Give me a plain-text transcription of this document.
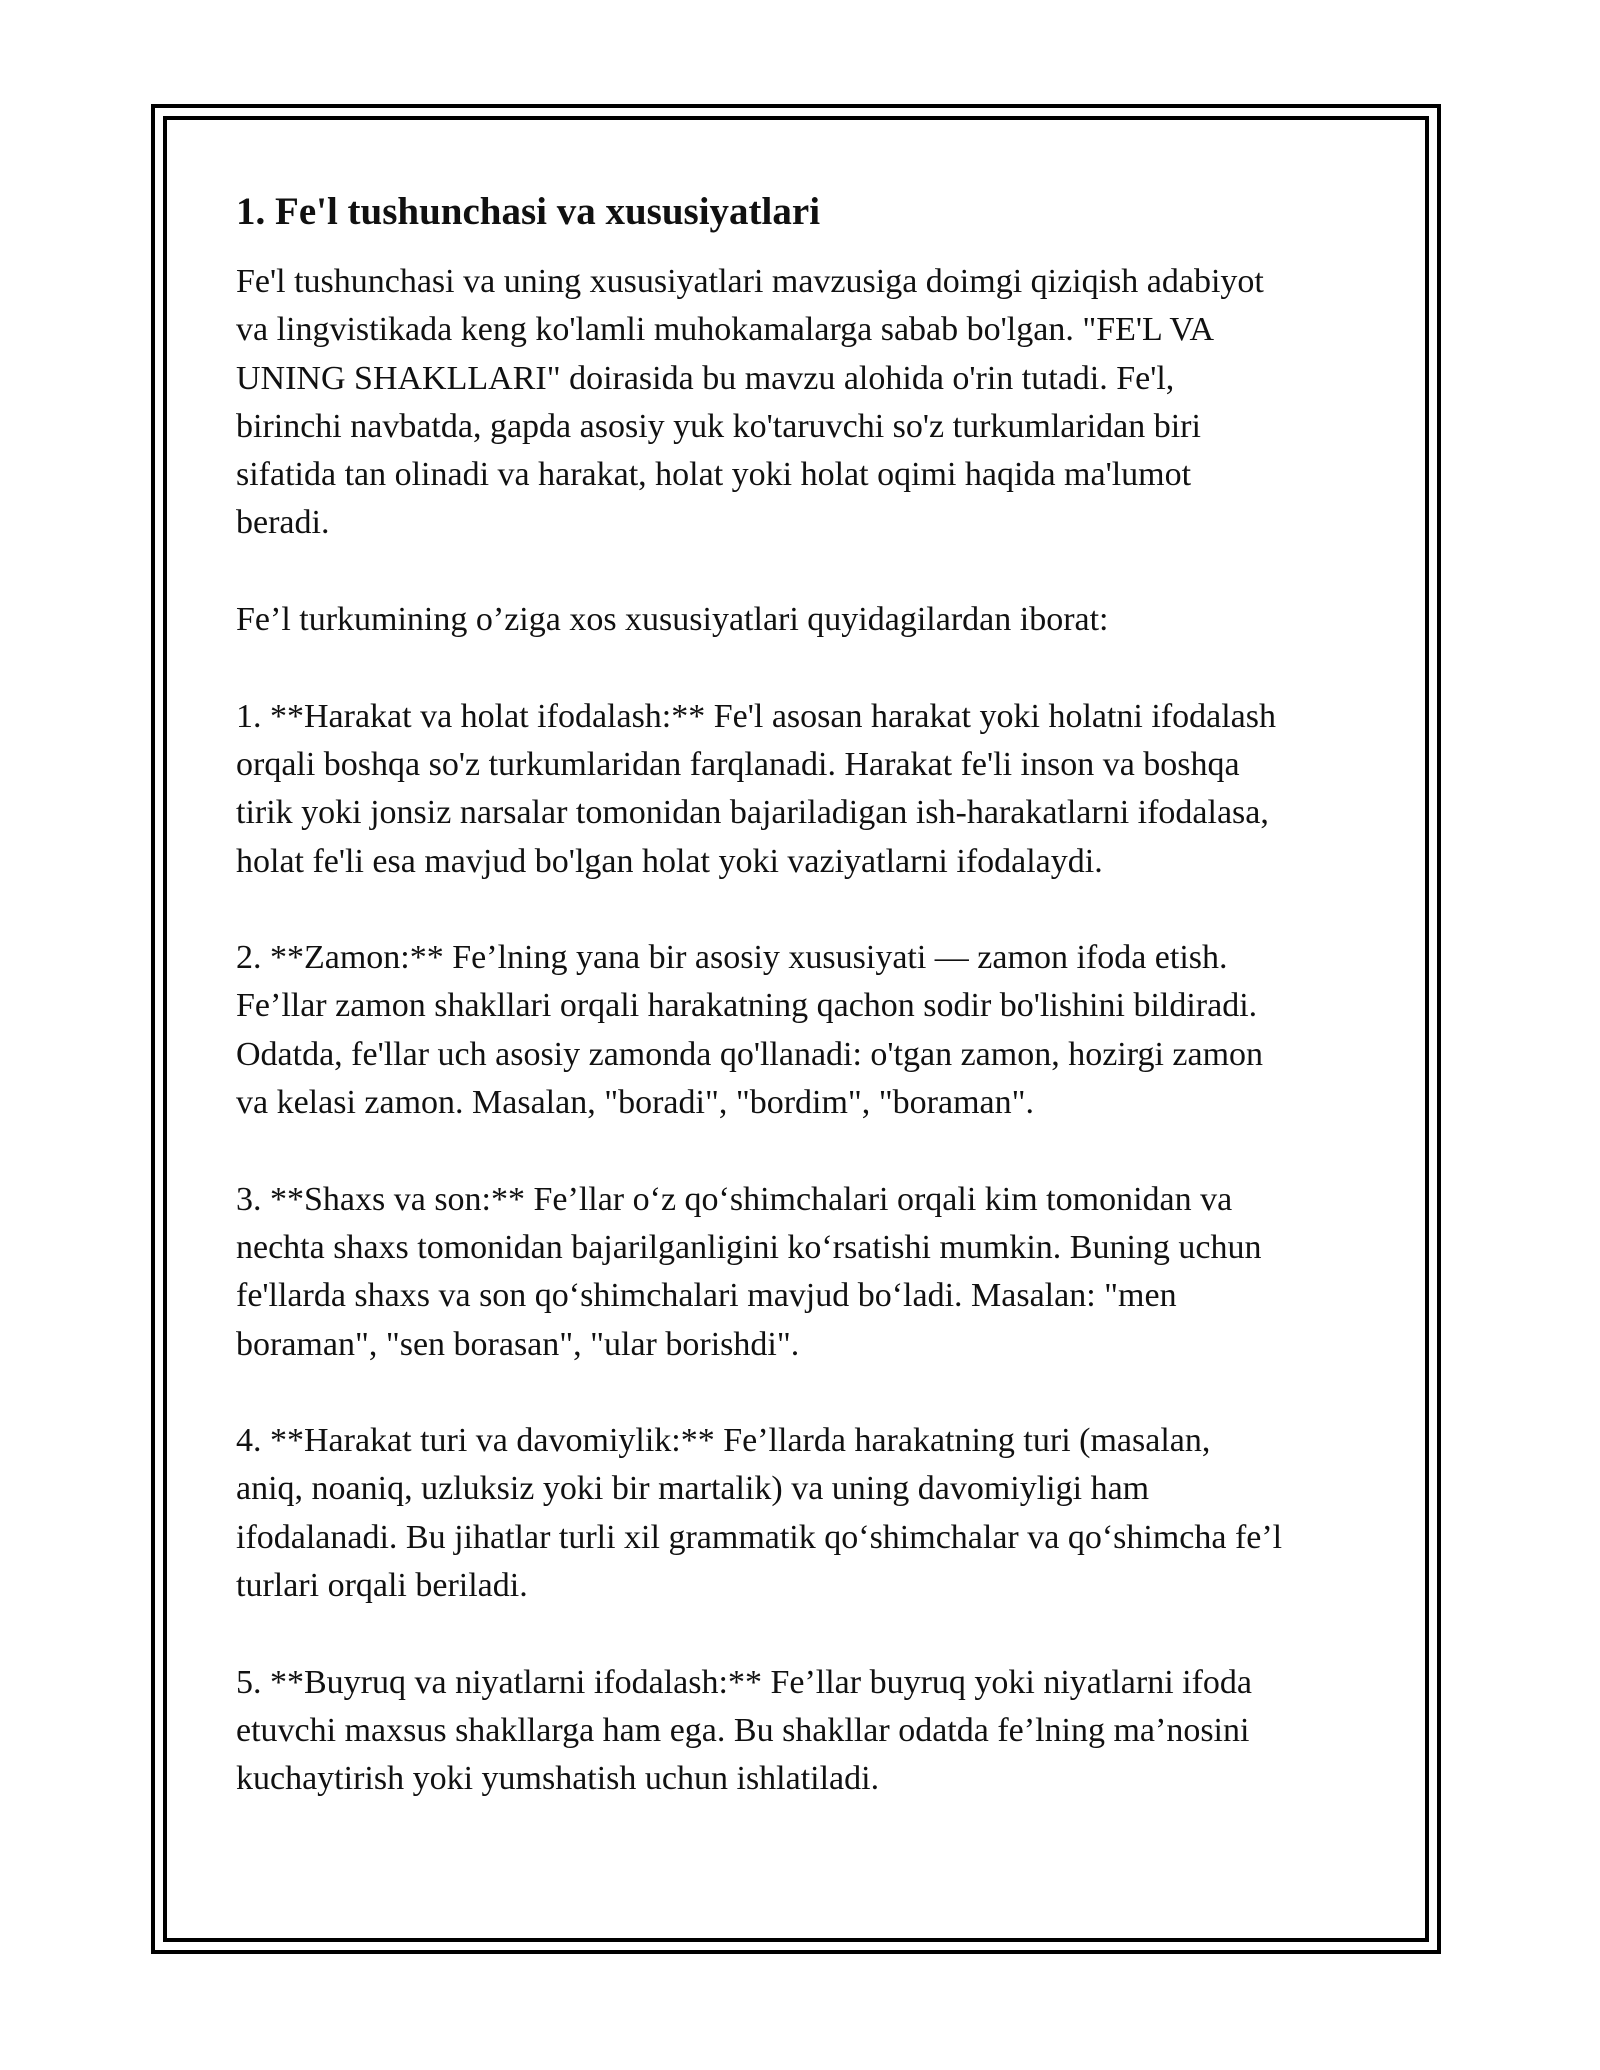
1. Fe'l tushunchasi va xususiyatlari

Fe'l tushunchasi va uning xususiyatlari mavzusiga doimgi qiziqish adabiyot
va lingvistikada keng ko'lamli muhokamalarga sabab bo'lgan. "FE'L VA
UNING SHAKLLARI" doirasida bu mavzu alohida o'rin tutadi. Fe'l,
birinchi navbatda, gapda asosiy yuk ko'taruvchi so'z turkumlaridan biri
sifatida tan olinadi va harakat, holat yoki holat oqimi haqida ma'lumot
beradi.

Fe’l turkumining o’ziga xos xususiyatlari quyidagilardan iborat:

1. **Harakat va holat ifodalash:** Fe'l asosan harakat yoki holatni ifodalash
orqali boshqa so'z turkumlaridan farqlanadi. Harakat fe'li inson va boshqa
tirik yoki jonsiz narsalar tomonidan bajariladigan ish-harakatlarni ifodalasa,
holat fe'li esa mavjud bo'lgan holat yoki vaziyatlarni ifodalaydi.

2. **Zamon:** Fe’lning yana bir asosiy xususiyati — zamon ifoda etish.
Fe’llar zamon shakllari orqali harakatning qachon sodir bo'lishini bildiradi.
Odatda, fe'llar uch asosiy zamonda qo'llanadi: o'tgan zamon, hozirgi zamon
va kelasi zamon. Masalan, "boradi", "bordim", "boraman".

3. **Shaxs va son:** Fe’llar o‘z qo‘shimchalari orqali kim tomonidan va
nechta shaxs tomonidan bajarilganligini ko‘rsatishi mumkin. Buning uchun
fe'llarda shaxs va son qo‘shimchalari mavjud bo‘ladi. Masalan: "men
boraman", "sen borasan", "ular borishdi".

4. **Harakat turi va davomiylik:** Fe’llarda harakatning turi (masalan,
aniq, noaniq, uzluksiz yoki bir martalik) va uning davomiyligi ham
ifodalanadi. Bu jihatlar turli xil grammatik qo‘shimchalar va qo‘shimcha fe’l
turlari orqali beriladi.

5. **Buyruq va niyatlarni ifodalash:** Fe’llar buyruq yoki niyatlarni ifoda
etuvchi maxsus shakllarga ham ega. Bu shakllar odatda fe’lning ma’nosini
kuchaytirish yoki yumshatish uchun ishlatiladi.
